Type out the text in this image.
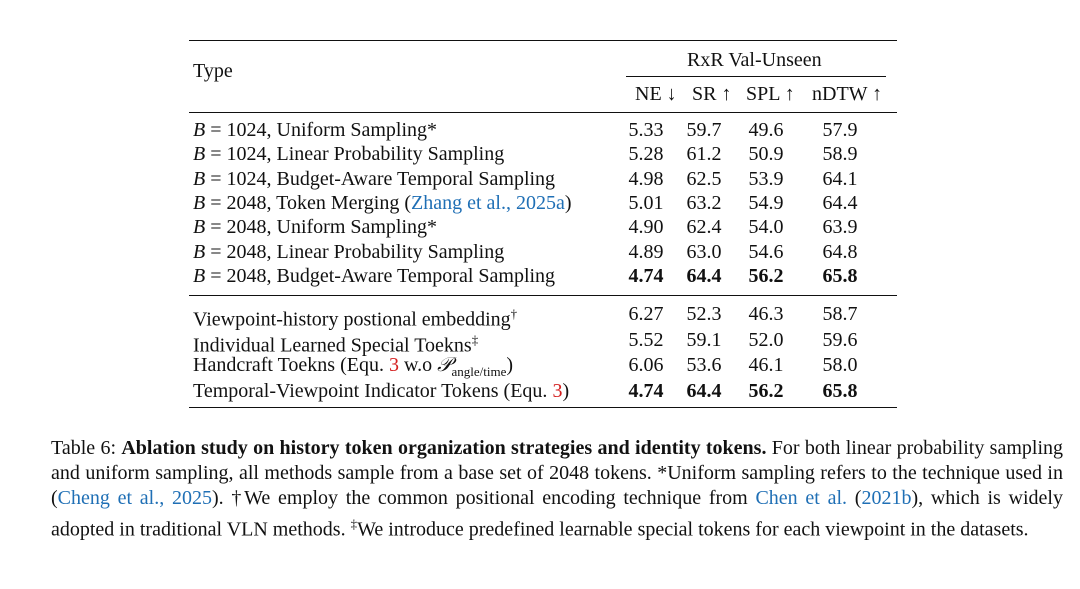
Type	RxR Val-Unseen
NE ↓ SR ↑ SPL ↑ nDTW ↑
B = 1024, Uniform Sampling*	5.33	59.7	49.6	57.9
B = 1024, Linear Probability Sampling	5.28	61.2	50.9	58.9
B = 1024, Budget-Aware Temporal Sampling	4.98	62.5	53.9	64.1
B = 2048, Token Merging (Zhang et al., 2025a)	5.01	63.2	54.9	64.4
B = 2048, Uniform Sampling*	4.90	62.4	54.0	63.9
B = 2048, Linear Probability Sampling	4.89	63.0	54.6	64.8
B = 2048, Budget-Aware Temporal Sampling	4.74	64.4	56.2	65.8
Viewpoint-history postional embedding†	6.27	52.3	46.3	58.7
Individual Learned Special Toekns‡	5.52	59.1	52.0	59.6
Handcraft Toekns (Equ. 3 w.o 𝒫$_{angle/time}$)	6.06	53.6	46.1	58.0
Temporal-Viewpoint Indicator Tokens (Equ. 3)	4.74	64.4	56.2	65.8
Table 6: Ablation study on history token organization strategies and identity tokens. For both linear probability sampling and uniform sampling, all methods sample from a base set of 2048 tokens. *Uniform sampling refers to the technique used in (Cheng et al., 2025). †We employ the common positional encoding technique from Chen et al. (2021b), which is widely adopted in traditional VLN methods. ‡We introduce predefined learnable special tokens for each viewpoint in the datasets.
